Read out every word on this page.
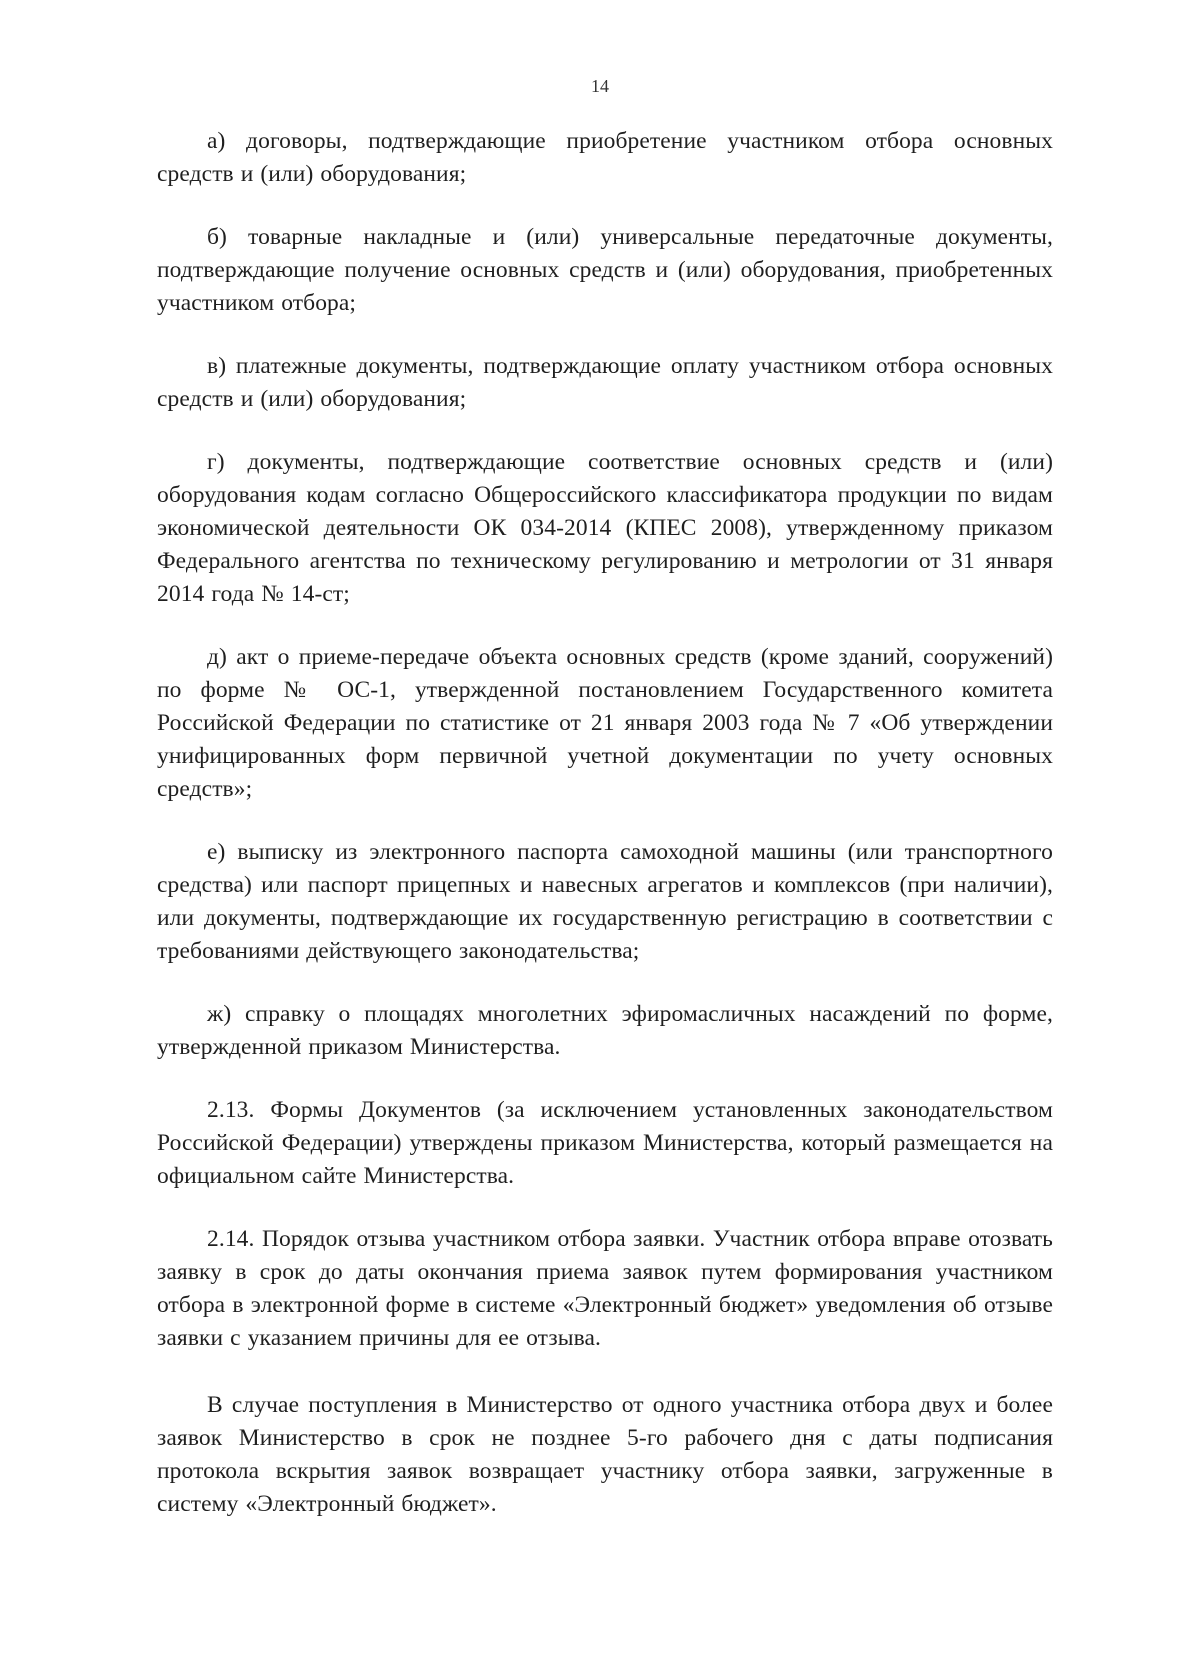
14

а) договоры, подтверждающие приобретение участником отбора основных средств и (или) оборудования;

б) товарные накладные и (или) универсальные передаточные документы, подтверждающие получение основных средств и (или) оборудования, приобретенных участником отбора;

в) платежные документы, подтверждающие оплату участником отбора основных средств и (или) оборудования;

г) документы, подтверждающие соответствие основных средств и (или) оборудования кодам согласно Общероссийского классификатора продукции по видам экономической деятельности ОК 034-2014 (КПЕС 2008), утвержденному приказом Федерального агентства по техническому регулированию и метрологии от 31 января 2014 года № 14-ст;

д) акт о приеме-передаче объекта основных средств (кроме зданий, сооружений) по форме № ОС-1, утвержденной постановлением Государственного комитета Российской Федерации по статистике от 21 января 2003 года № 7 «Об утверждении унифицированных форм первичной учетной документации по учету основных средств»;

е) выписку из электронного паспорта самоходной машины (или транспортного средства) или паспорт прицепных и навесных агрегатов и комплексов (при наличии), или документы, подтверждающие их государственную регистрацию в соответствии с требованиями действующего законодательства;

ж) справку о площадях многолетних эфиромасличных насаждений по форме, утвержденной приказом Министерства.

2.13. Формы Документов (за исключением установленных законодательством Российской Федерации) утверждены приказом Министерства, который размещается на официальном сайте Министерства.

2.14. Порядок отзыва участником отбора заявки. Участник отбора вправе отозвать заявку в срок до даты окончания приема заявок путем формирования участником отбора в электронной форме в системе «Электронный бюджет» уведомления об отзыве заявки с указанием причины для ее отзыва.

В случае поступления в Министерство от одного участника отбора двух и более заявок Министерство в срок не позднее 5-го рабочего дня с даты подписания протокола вскрытия заявок возвращает участнику отбора заявки, загруженные в систему «Электронный бюджет».
